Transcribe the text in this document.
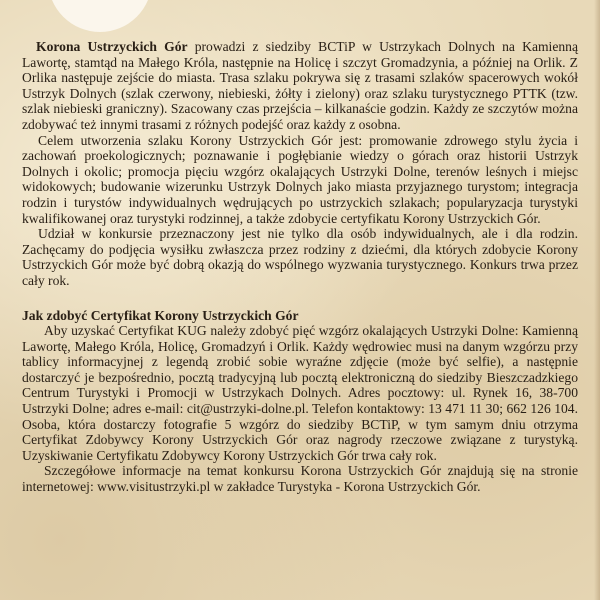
Korona Ustrzyckich Gór prowadzi z siedziby BCTiP w Ustrzykach Dolnych na Kamienną Lawortę, stamtąd na Małego Króla, następnie na Holicę i szczyt Gromadzynia, a później na Orlik. Z Orlika następuje zejście do miasta. Trasa szlaku pokrywa się z trasami szlaków spacerowych wokół Ustrzyk Dolnych (szlak czerwony, niebieski, żółty i zielony) oraz szlaku turystycznego PTTK (tzw. szlak niebieski graniczny). Szacowany czas przejścia – kilkanaście godzin. Każdy ze szczytów można zdobywać też innymi trasami z różnych podejść oraz każdy z osobna.

Celem utworzenia szlaku Korony Ustrzyckich Gór jest: promowanie zdrowego stylu życia i zachowań proekologicznych; poznawanie i pogłębianie wiedzy o górach oraz historii Ustrzyk Dolnych i okolic; promocja pięciu wzgórz okalających Ustrzyki Dolne, terenów leśnych i miejsc widokowych; budowanie wizerunku Ustrzyk Dolnych jako miasta przyjaznego turystom; integracja rodzin i turystów indywidualnych wędrujących po ustrzyckich szlakach; popularyzacja turystyki kwalifikowanej oraz turystyki rodzinnej, a także zdobycie certyfikatu Korony Ustrzyckich Gór.

Udział w konkursie przeznaczony jest nie tylko dla osób indywidualnych, ale i dla rodzin. Zachęcamy do podjęcia wysiłku zwłaszcza przez rodziny z dziećmi, dla których zdobycie Korony Ustrzyckich Gór może być dobrą okazją do wspólnego wyzwania turystycznego. Konkurs trwa przez cały rok.

Jak zdobyć Certyfikat Korony Ustrzyckich Gór

Aby uzyskać Certyfikat KUG należy zdobyć pięć wzgórz okalających Ustrzyki Dolne: Kamienną Lawortę, Małego Króla, Holicę, Gromadzyń i Orlik. Każdy wędrowiec musi na danym wzgórzu przy tablicy informacyjnej z legendą zrobić sobie wyraźne zdjęcie (może być selfie), a następnie dostarczyć je bezpośrednio, pocztą tradycyjną lub pocztą elektroniczną do siedziby Bieszczadzkiego Centrum Turystyki i Promocji w Ustrzykach Dolnych. Adres pocztowy: ul. Rynek 16, 38-700 Ustrzyki Dolne; adres e-mail: cit@ustrzyki-dolne.pl. Telefon kontaktowy: 13 471 11 30; 662 126 104. Osoba, która dostarczy fotografie 5 wzgórz do siedziby BCTiP, w tym samym dniu otrzyma Certyfikat Zdobywcy Korony Ustrzyckich Gór oraz nagrody rzeczowe związane z turystyką. Uzyskiwanie Certyfikatu Zdobywcy Korony Ustrzyckich Gór trwa cały rok.

Szczegółowe informacje na temat konkursu Korona Ustrzyckich Gór znajdują się na stronie internetowej: www.visitustrzyki.pl w zakładce Turystyka - Korona Ustrzyckich Gór.
